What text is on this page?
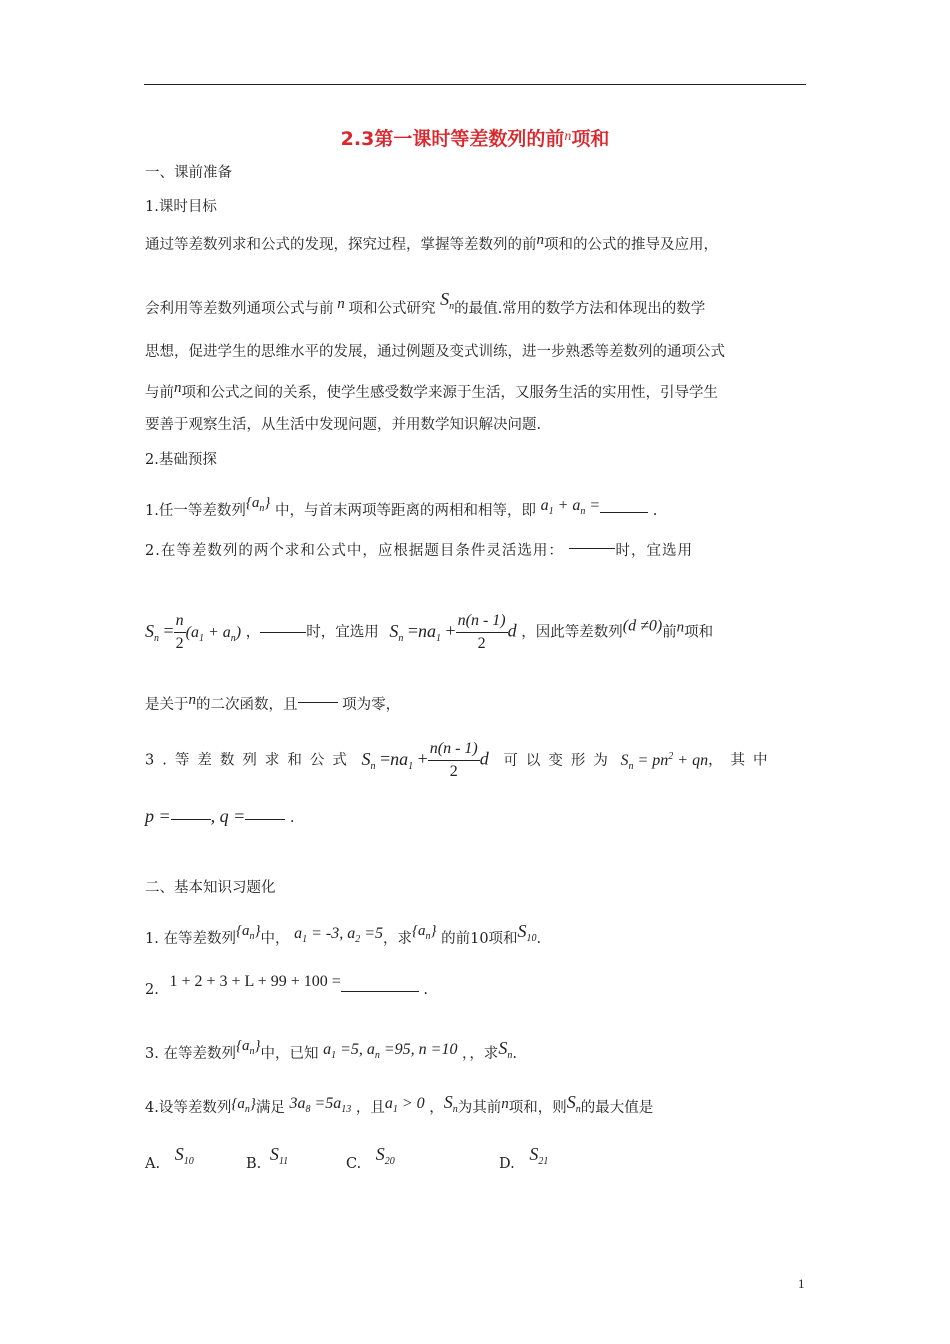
2.3第一课时等差数列的前$^n$项和
一、课前准备
1.课时目标
通过等差数列求和公式的发现，探究过程，掌握等差数列的前n项和的公式的推导及应用，
会利用等差数列通项公式与前 n 项和公式研究 $S_n$的最值.常用的数学方法和体现出的数学
思想，促进学生的思维水平的发展，通过例题及变式训练，进一步熟悉等差数列的通项公式
与前n项和公式之间的关系，使学生感受数学来源于生活，又服务生活的实用性，引导学生
要善于观察生活，从生活中发现问题，并用数学知识解决问题.
2.基础预探
1.任一等差数列$\{a_n\}$ 中，与首末两项等距离的两相和相等，即 $a_1 + a_n$ =	.
2.在等差数列的两个求和公式中，应根据题目条件灵活选用：	时，宜选用
$S_n = \frac{n}{2} (a_1 + a_n)$ ，	时，宜选用 $S_n =na_1 + \frac{n(n - 1)}{2}$ d ，因此等差数列(d ≠0)前n项和
是关于n的二次函数，且	项为零，
3.等差数列求和公式 $S_n =na_1 + \frac{n(n - 1)}{2}$ d 可以变形为 $S_n = pn^2$ + qn，其中
p = , q =	.
二、基本知识习题化
1. 在等差数列$\{a_n\}$中， $a_1 = -3$, $a_2 =5$，求$\{a_n\}$ 的前10项和$S_{10}$.
2. 1 + 2 + 3 + L + 99 + 100 =	.
3. 在等差数列$\{a_n\}$中，已知 $a_1 =5$, $a_n =95$, n =10 ，，求$S_n$.
4.设等差数列$\{a_n\}$满足 $3a_8 =5a_{13}$ ，且$a_1 > 0$ ，$S_n$为其前n项和，则$S_n$的最大值是
A. $S_{10}$	B. $S_{11}$	C. $S_{20}$	D. $S_{21}$
1
